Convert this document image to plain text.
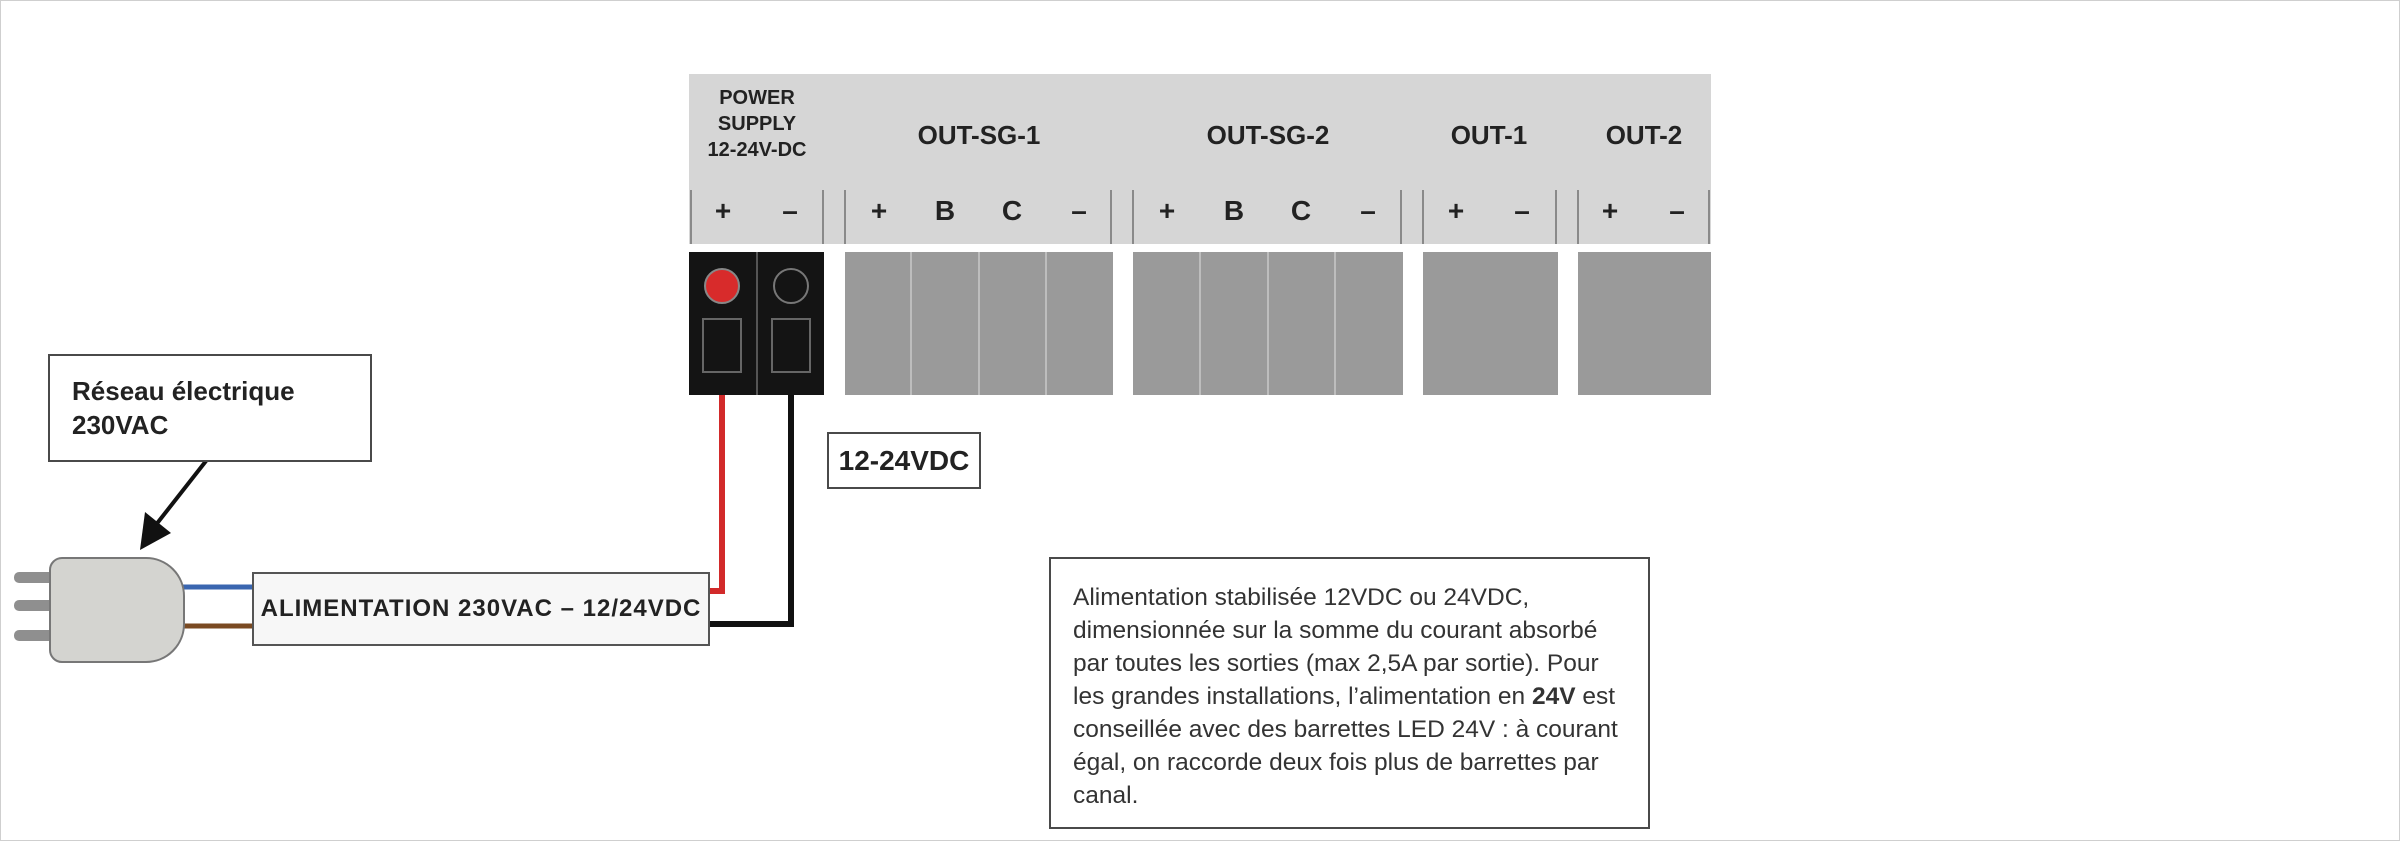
POWER
SUPPLY
12-24V-DC	OUT-SG-1	OUT-SG-2	OUT-1	OUT-2
+ –	+ B C –	+ B C –	+ –	+ –
Réseau électrique
230VAC
12-24VDC
ALIMENTATION 230VAC – 12/24VDC	Alimentation stabilisée 12VDC ou 24VDC, dimensionnée sur la somme du courant absorbé par toutes les sorties (max 2,5A par sortie). Pour les grandes installations, l’alimentation en 24V est conseillée avec des barrettes LED 24V : à courant égal, on raccorde deux fois plus de barrettes par canal.
